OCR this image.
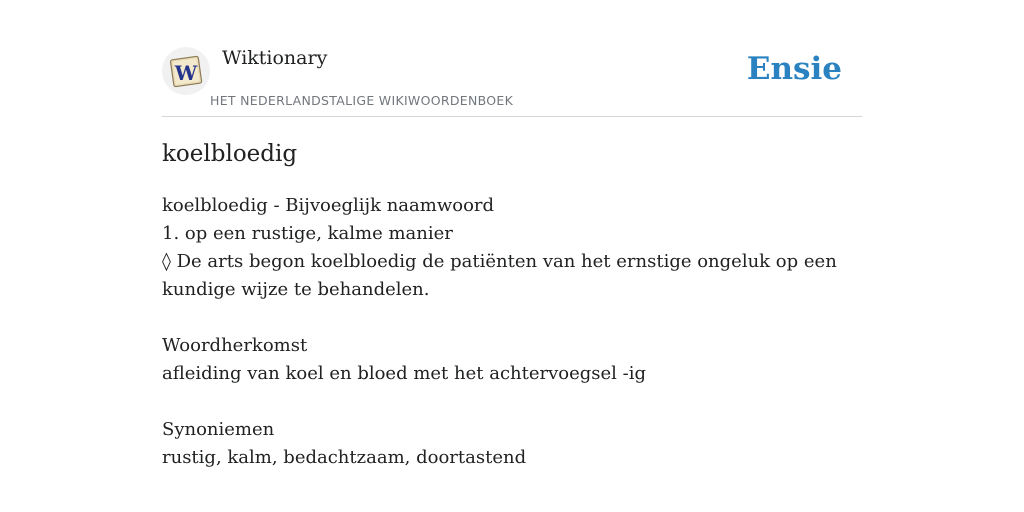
W
Wiktionary
HET NEDERLANDSTALIGE WIKIWOORDENBOEK
Ensie
koelbloedig
koelbloedig - Bijvoeglijk naamwoord
1. op een rustige, kalme manier
◊ De arts begon koelbloedig de patiënten van het ernstige ongeluk op een kundige wijze te behandelen.
Woordherkomst
afleiding van koel en bloed met het achtervoegsel -ig
Synoniemen
rustig, kalm, bedachtzaam, doortastend
